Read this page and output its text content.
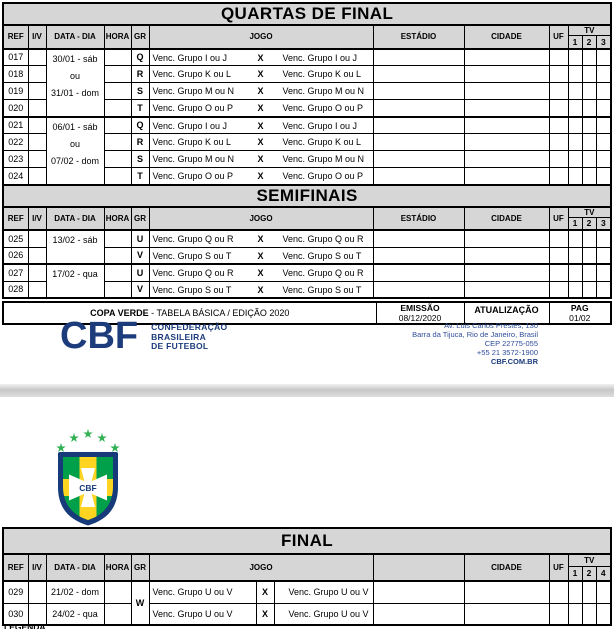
QUARTAS DE FINAL											
REF	I/V	DATA - DIA	HORA	GR	JOGO	ESTÁDIO	CIDADE	UF	TV		
									1	2	3
017		30/01 - sáb
ou
31/01 - dom		Q	Venc. Grupo I ou J X Venc. Grupo I ou J						
018				R	Venc. Grupo K ou L X Venc. Grupo K ou L						
019				S	Venc. Grupo M ou N X Venc. Grupo M ou N						
020				T	Venc. Grupo O ou P X Venc. Grupo O ou P						
021		06/01 - sáb
ou
07/02 - dom		Q	Venc. Grupo I ou J X Venc. Grupo I ou J						
022				R	Venc. Grupo K ou L X Venc. Grupo K ou L						
023				S	Venc. Grupo M ou N X Venc. Grupo M ou N						
024				T	Venc. Grupo O ou P X Venc. Grupo O ou P						
SEMIFINAIS											
REF	I/V	DATA - DIA	HORA	GR	JOGO	ESTÁDIO	CIDADE	UF	TV		
									1	2	3
025		13/02 - sáb		U	Venc. Grupo Q ou R X Venc. Grupo Q ou R						
026				V	Venc. Grupo S ou T X Venc. Grupo S ou T						
027		17/02 - qua		U	Venc. Grupo Q ou R X Venc. Grupo Q ou R						
028				V	Venc. Grupo S ou T X Venc. Grupo S ou T						
COPA VERDE - TABELA BÁSICA / EDIÇÃO 2020	EMISSÃO
08/12/2020

ATUALIZAÇÃO	PAG
01/02
CBF CONFEDERAÇÃO
BRASILEIRA
DE FUTEBOL
Av. Luis Carlos Prestes, 130
Barra da Tijuca, Rio de Janeiro, Brasil
CEP 22775-055
+55 21 3572-1900
CBF.COM.BR
CBF
FINAL													
REF	I/V	DATA - DIA	HORA	GR	JOGO				CIDADE	UF	TV		
											1	2	4
029		21/02 - dom		W	Venc. Grupo U ou V	X	Venc. Grupo U ou V						
030		24/02 - qua			Venc. Grupo U ou V	X	Venc. Grupo U ou V						
LEGENDA
